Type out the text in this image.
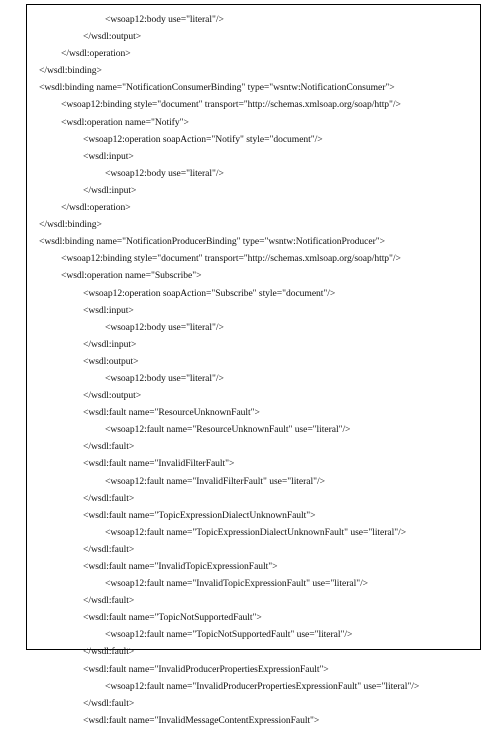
<wsoap12:body use="literal"/>
</wsdl:output>
</wsdl:operation>
</wsdl:binding>
<wsdl:binding name="NotificationConsumerBinding" type="wsntw:NotificationConsumer">
<wsoap12:binding style="document" transport="http://schemas.xmlsoap.org/soap/http"/>
<wsdl:operation name="Notify">
<wsoap12:operation soapAction="Notify" style="document"/>
<wsdl:input>
<wsoap12:body use="literal"/>
</wsdl:input>
</wsdl:operation>
</wsdl:binding>
<wsdl:binding name="NotificationProducerBinding" type="wsntw:NotificationProducer">
<wsoap12:binding style="document" transport="http://schemas.xmlsoap.org/soap/http"/>
<wsdl:operation name="Subscribe">
<wsoap12:operation soapAction="Subscribe" style="document"/>
<wsdl:input>
<wsoap12:body use="literal"/>
</wsdl:input>
<wsdl:output>
<wsoap12:body use="literal"/>
</wsdl:output>
<wsdl:fault name="ResourceUnknownFault">
<wsoap12:fault name="ResourceUnknownFault" use="literal"/>
</wsdl:fault>
<wsdl:fault name="InvalidFilterFault">
<wsoap12:fault name="InvalidFilterFault" use="literal"/>
</wsdl:fault>
<wsdl:fault name="TopicExpressionDialectUnknownFault">
<wsoap12:fault name="TopicExpressionDialectUnknownFault" use="literal"/>
</wsdl:fault>
<wsdl:fault name="InvalidTopicExpressionFault">
<wsoap12:fault name="InvalidTopicExpressionFault" use="literal"/>
</wsdl:fault>
<wsdl:fault name="TopicNotSupportedFault">
<wsoap12:fault name="TopicNotSupportedFault" use="literal"/>
</wsdl:fault>
<wsdl:fault name="InvalidProducerPropertiesExpressionFault">
<wsoap12:fault name="InvalidProducerPropertiesExpressionFault" use="literal"/>
</wsdl:fault>
<wsdl:fault name="InvalidMessageContentExpressionFault">
